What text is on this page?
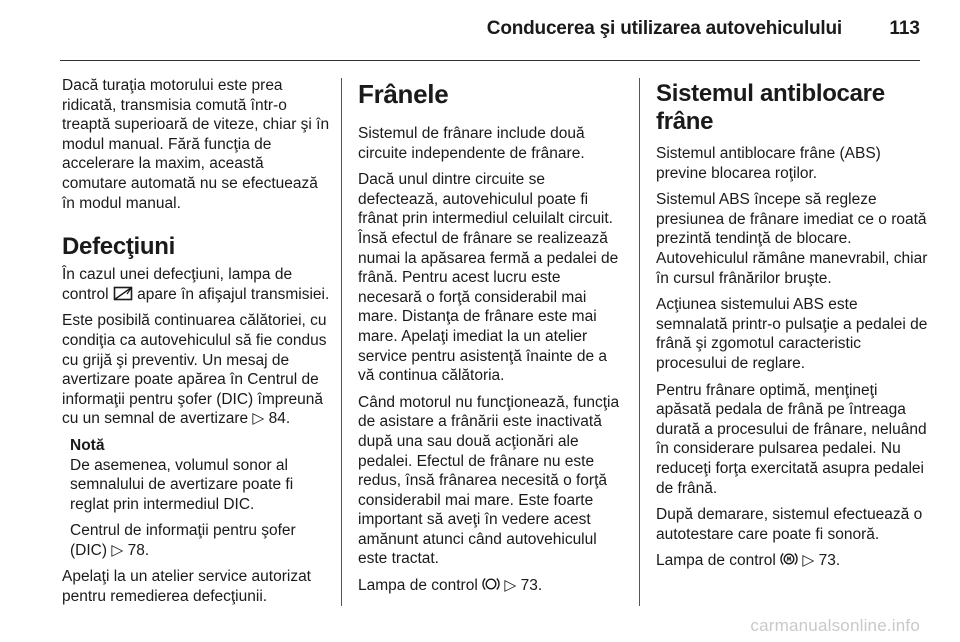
Conducerea şi utilizarea autovehiculului 113

Dacă turaţia motorului este prea ridicată, transmisia comută într-o treaptă superioară de viteze, chiar şi în modul manual. Fără funcţia de accelerare la maxim, această comutare automată nu se efectuează în modul manual.

Defecţiuni

În cazul unei defecţiuni, lampa de control apare în afişajul transmisiei.

Este posibilă continuarea călătoriei, cu condiţia ca autovehiculul să fie condus cu grijă şi preventiv. Un mesaj de avertizare poate apărea în Centrul de informaţii pentru şofer (DIC) împreună cu un semnal de avertizare ▷ 84.

Notă

De asemenea, volumul sonor al semnalului de avertizare poate fi reglat prin intermediul DIC.

Centrul de informaţii pentru şofer (DIC) ▷ 78.

Apelaţi la un atelier service autorizat pentru remedierea defecţiunii.

Frânele

Sistemul de frânare include două circuite independente de frânare.

Dacă unul dintre circuite se defectează, autovehiculul poate fi frânat prin intermediul celuilalt circuit. Însă efectul de frânare se realizează numai la apăsarea fermă a pedalei de frână. Pentru acest lucru este necesară o forţă considerabil mai mare. Distanţa de frânare este mai mare. Apelaţi imediat la un atelier service pentru asistenţă înainte de a vă continua călătoria.

Când motorul nu funcţionează, funcţia de asistare a frânării este inactivată după una sau două acţionări ale pedalei. Efectul de frânare nu este redus, însă frânarea necesită o forţă considerabil mai mare. Este foarte important să aveţi în vedere acest amănunt atunci când autovehiculul este tractat.

Lampa de control ▷ 73.

Sistemul antiblocare frâne

Sistemul antiblocare frâne (ABS) previne blocarea roţilor.

Sistemul ABS începe să regleze presiunea de frânare imediat ce o roată prezintă tendinţă de blocare. Autovehiculul rămâne manevrabil, chiar în cursul frânărilor bruşte.

Acţiunea sistemului ABS este semnalată printr-o pulsaţie a pedalei de frână şi zgomotul caracteristic procesului de reglare.

Pentru frânare optimă, menţineţi apăsată pedala de frână pe întreaga durată a procesului de frânare, neluând în considerare pulsarea pedalei. Nu reduceţi forţa exercitată asupra pedalei de frână.

După demarare, sistemul efectuează o autotestare care poate fi sonoră.

Lampa de control ▷ 73.

carmanualsonline.info
